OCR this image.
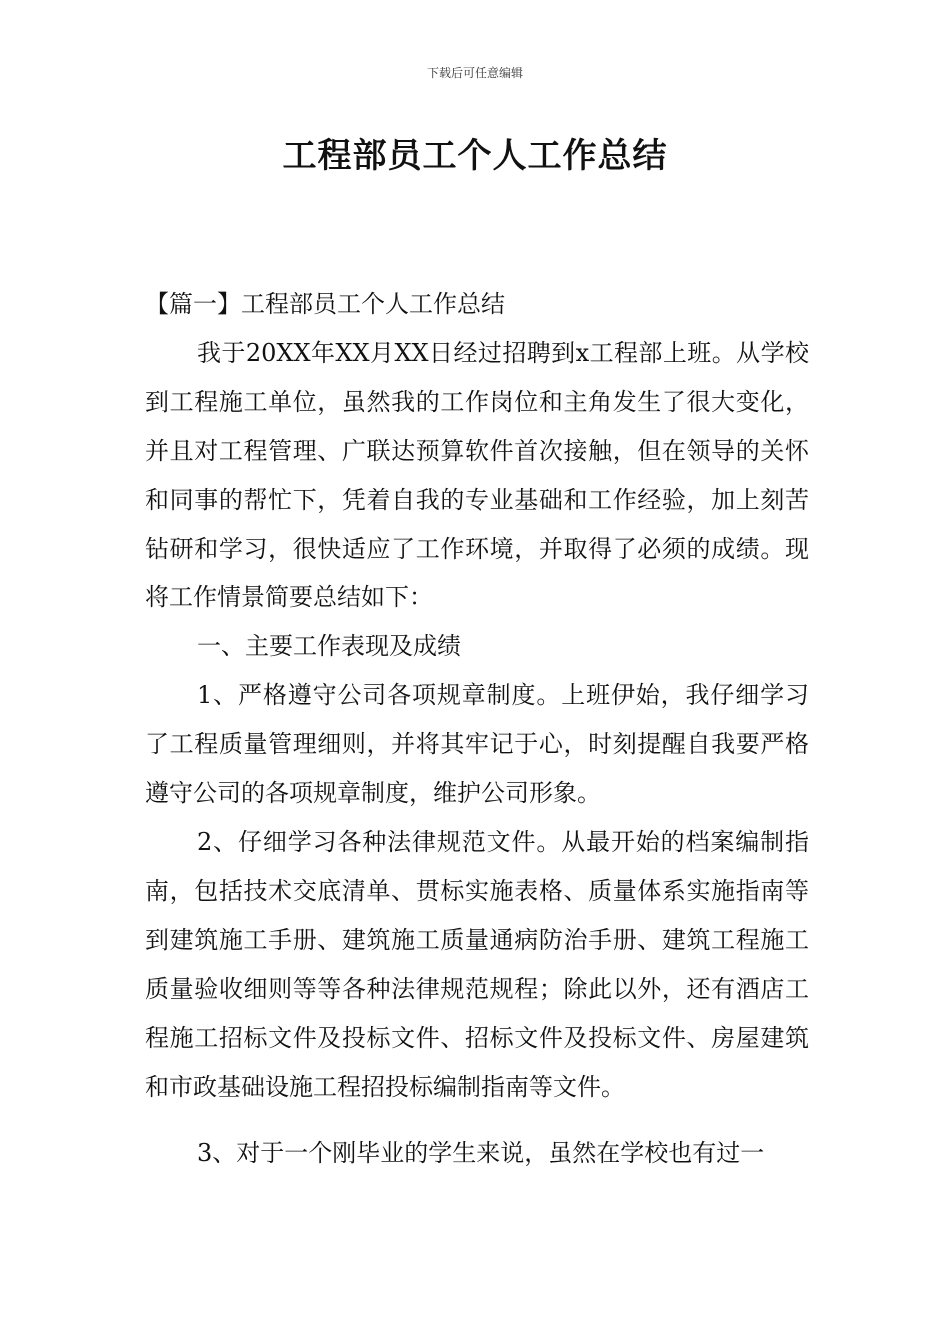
下载后可任意编辑
工程部员工个人工作总结

【篇一】工程部员工个人工作总结

我于20XX年XX月XX日经过招聘到x工程部上班。从学校到工程施工单位，虽然我的工作岗位和主角发生了很大变化，并且对工程管理、广联达预算软件首次接触，但在领导的关怀和同事的帮忙下，凭着自我的专业基础和工作经验，加上刻苦钻研和学习，很快适应了工作环境，并取得了必须的成绩。现将工作情景简要总结如下：

一、主要工作表现及成绩

1、严格遵守公司各项规章制度。上班伊始，我仔细学习了工程质量管理细则，并将其牢记于心，时刻提醒自我要严格遵守公司的各项规章制度，维护公司形象。

2、仔细学习各种法律规范文件。从最开始的档案编制指南，包括技术交底清单、贯标实施表格、质量体系实施指南等到建筑施工手册、建筑施工质量通病防治手册、建筑工程施工质量验收细则等等各种法律规范规程；除此以外，还有酒店工程施工招标文件及投标文件、招标文件及投标文件、房屋建筑和市政基础设施工程招投标编制指南等文件。

3、对于一个刚毕业的学生来说，虽然在学校也有过一
